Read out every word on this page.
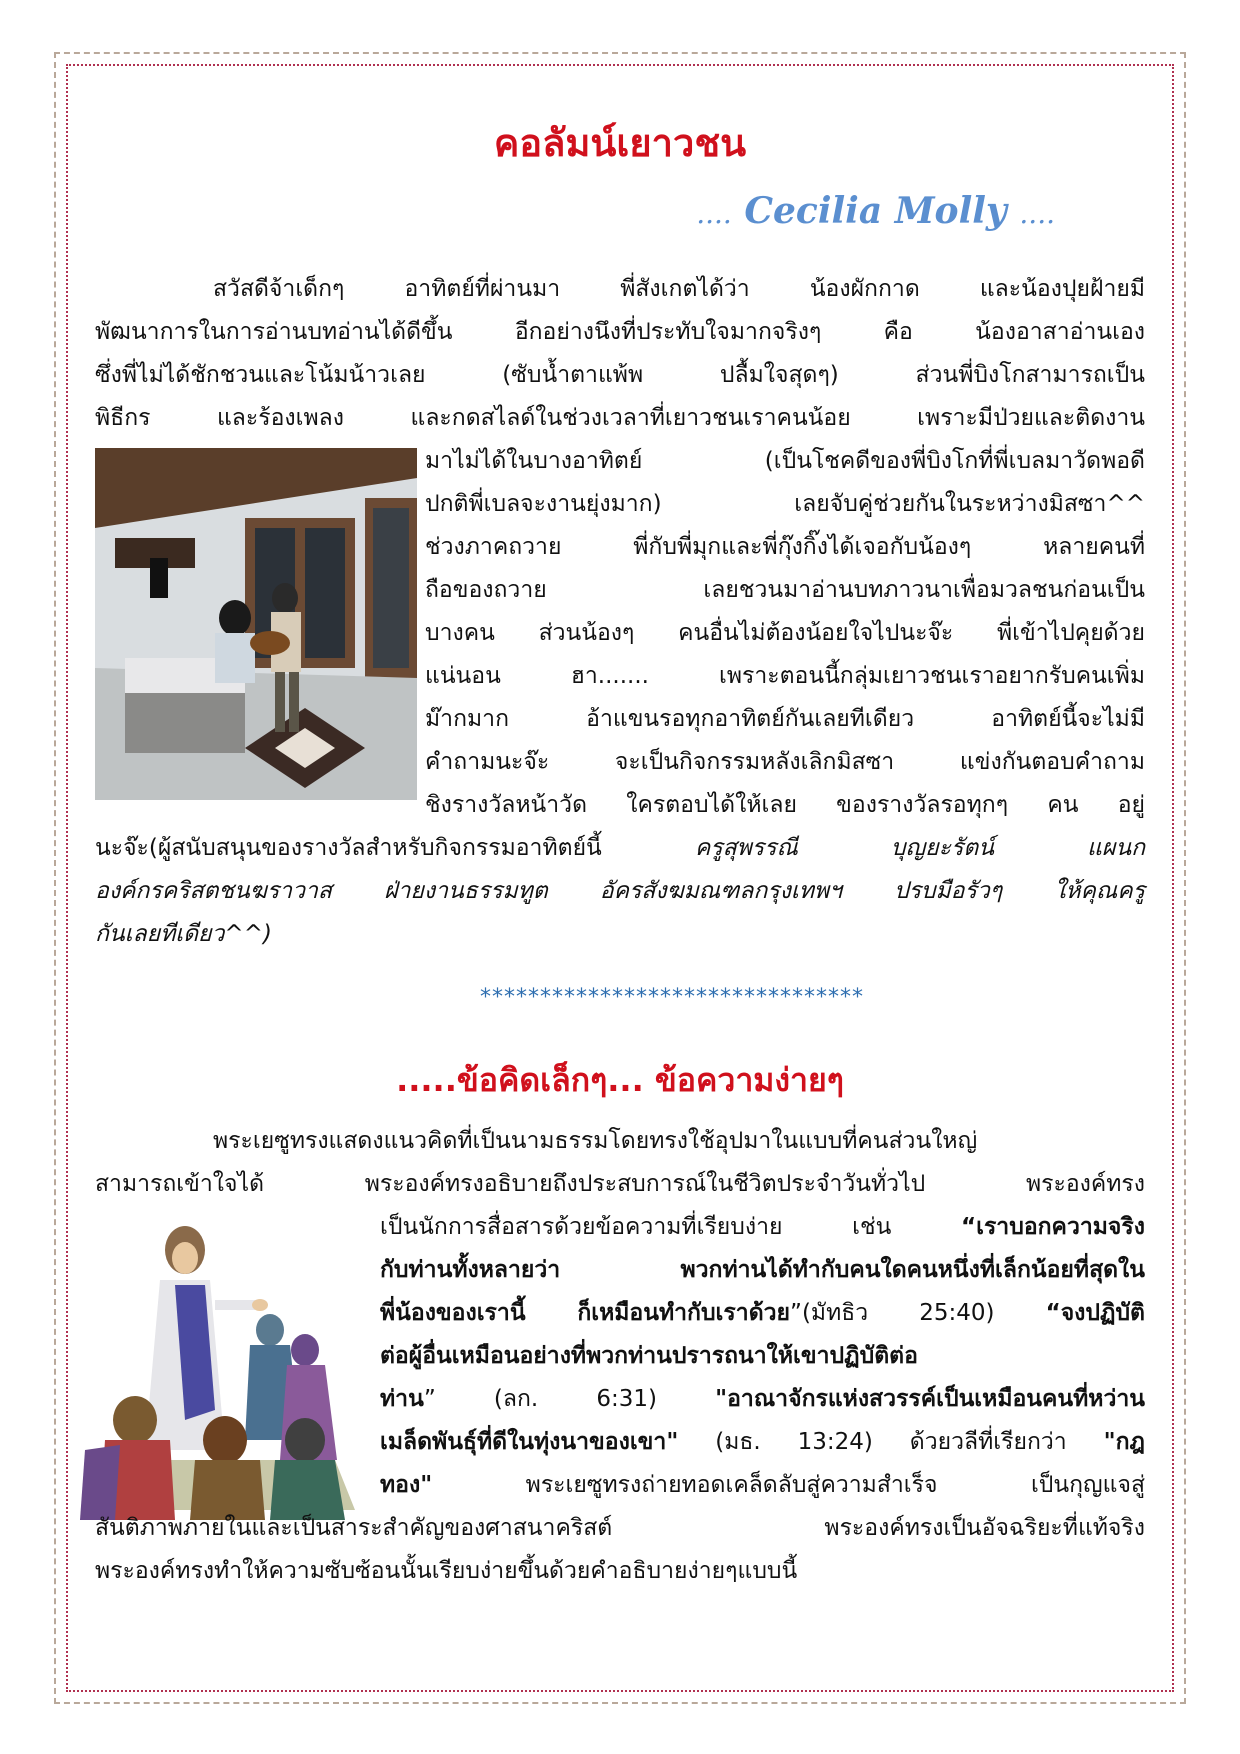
คอลัมน์เยาวชน
.... Cecilia Molly ....

สวัสดีจ้าเด็กๆ อาทิตย์ที่ผ่านมา พี่สังเกตได้ว่า น้องผักกาด และน้องปุยฝ้ายมี

พัฒนาการในการอ่านบทอ่านได้ดีขึ้น อีกอย่างนึงที่ประทับใจมากจริงๆ คือ น้องอาสาอ่านเอง

ซึ่งพี่ไม่ได้ชักชวนและโน้มน้าวเลย (ซับน้ำตาแพ้พ ปลื้มใจสุดๆ) ส่วนพี่บิงโกสามารถเป็น

พิธีกร และร้องเพลง และกดสไลด์ในช่วงเวลาที่เยาวชนเราคนน้อย เพราะมีป่วยและติดงาน

มาไม่ได้ในบางอาทิตย์ (เป็นโชคดีของพี่บิงโกที่พี่เบลมาวัดพอดี

ปกติพี่เบลจะงานยุ่งมาก) เลยจับคู่ช่วยกันในระหว่างมิสซา^^

ช่วงภาคถวาย พี่กับพี่มุกและพี่กุ๊งกิ๊งได้เจอกับน้องๆ หลายคนที่

ถือของถวาย เลยชวนมาอ่านบทภาวนาเพื่อมวลชนก่อนเป็น

บางคน ส่วนน้องๆ คนอื่นไม่ต้องน้อยใจไปนะจ๊ะ พี่เข้าไปคุยด้วย

แน่นอน ฮา....... เพราะตอนนี้กลุ่มเยาวชนเราอยากรับคนเพิ่ม

ม๊ากมาก อ้าแขนรอทุกอาทิตย์กันเลยทีเดียว อาทิตย์นี้จะไม่มี

คำถามนะจ๊ะ จะเป็นกิจกรรมหลังเลิกมิสซา แข่งกันตอบคำถาม

ชิงรางวัลหน้าวัด ใครตอบได้ให้เลย ของรางวัลรอทุกๆ คน อยู่

นะจ๊ะ(ผู้สนับสนุนของรางวัลสำหรับกิจกรรมอาทิตย์นี้ ครูสุพรรณี บุญยะรัตน์ แผนก

องค์กรคริสตชนฆราวาส ฝ่ายงานธรรมทูต อัครสังฆมณฑลกรุงเทพฯ ปรบมือรัวๆ ให้คุณครู

กันเลยทีเดียว^^)

********************************
.....ข้อคิดเล็กๆ... ข้อความง่ายๆ

พระเยซูทรงแสดงแนวคิดที่เป็นนามธรรมโดยทรงใช้อุปมาในแบบที่คนส่วนใหญ่

สามารถเข้าใจได้ พระองค์ทรงอธิบายถึงประสบการณ์ในชีวิตประจำวันทั่วไป พระองค์ทรง

เป็นนักการสื่อสารด้วยข้อความที่เรียบง่าย เช่น “เราบอกความจริง

กับท่านทั้งหลายว่า พวกท่านได้ทำกับคนใดคนหนึ่งที่เล็กน้อยที่สุดใน

พี่น้องของเรานี้ ก็เหมือนทำกับเราด้วย”(มัทธิว 25:40) “จงปฏิบัติ

ต่อผู้อื่นเหมือนอย่างที่พวกท่านปรารถนาให้เขาปฏิบัติต่อ

ท่าน” (ลก. 6:31) "อาณาจักรแห่งสวรรค์เป็นเหมือนคนที่หว่าน

เมล็ดพันธุ์ที่ดีในทุ่งนาของเขา" (มธ. 13:24) ด้วยวลีที่เรียกว่า "กฎ

ทอง" พระเยซูทรงถ่ายทอดเคล็ดลับสู่ความสำเร็จ เป็นกุญแจสู่

สันติภาพภายในและเป็นสาระสำคัญของศาสนาคริสต์ พระองค์ทรงเป็นอัจฉริยะที่แท้จริง

พระองค์ทรงทำให้ความซับซ้อนนั้นเรียบง่ายขึ้นด้วยคำอธิบายง่ายๆแบบนี้
